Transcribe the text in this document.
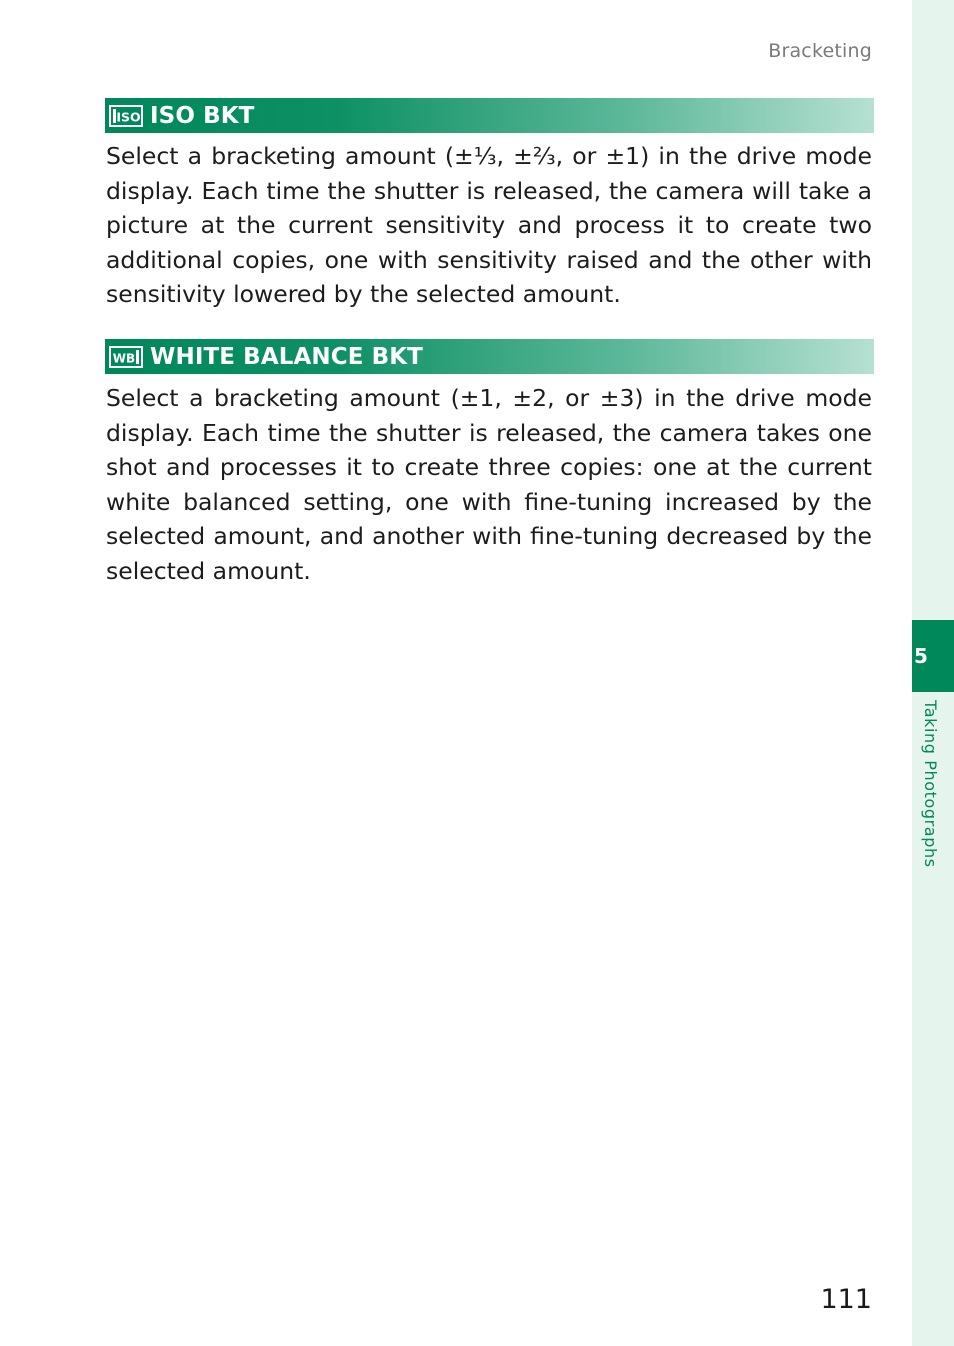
Bracketing
ISO ISO BKT

Select a bracketing amount (±⅓, ±⅔, or ±1) in the drive mode display. Each time the shutter is released, the camera will take a picture at the current sensitivity and process it to create two additional copies, one with sensitivity raised and the other with sensitivity lowered by the selected amount.

WB WHITE BALANCE BKT

Select a bracketing amount (±1, ±2, or ±3) in the drive mode display. Each time the shutter is released, the camera takes one shot and processes it to create three copies: one at the current white balanced setting, one with fine-tuning increased by the selected amount, and another with fine-tuning decreased by the selected amount.

5
Taking Photographs
111
